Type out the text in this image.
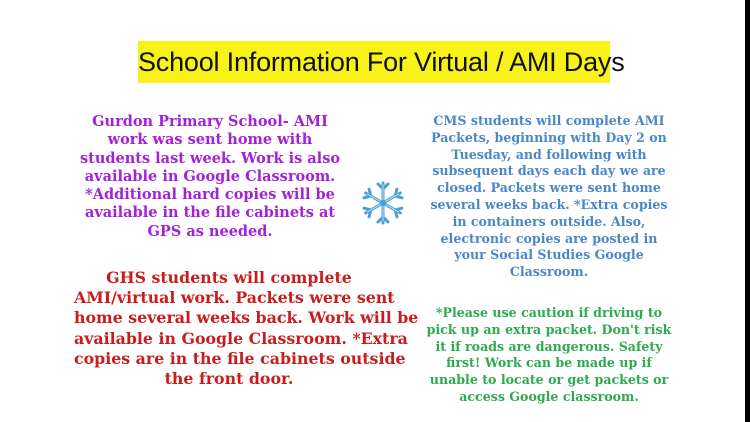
School Information For Virtual / AMI Days
Gurdon Primary School- AMI
work was sent home with
students last week. Work is also
available in Google Classroom.
*Additional hard copies will be
available in the file cabinets at
GPS as needed.
GHS students will complete
AMI/virtual work. Packets were sent
home several weeks back. Work will be
available in Google Classroom. *Extra
copies are in the file cabinets outside
the front door.
CMS students will complete AMI
Packets, beginning with Day 2 on
Tuesday, and following with
subsequent days each day we are
closed. Packets were sent home
several weeks back. *Extra copies
in containers outside. Also,
electronic copies are posted in
your Social Studies Google
Classroom.
*Please use caution if driving to
pick up an extra packet. Don't risk
it if roads are dangerous. Safety
first! Work can be made up if
unable to locate or get packets or
access Google classroom.
